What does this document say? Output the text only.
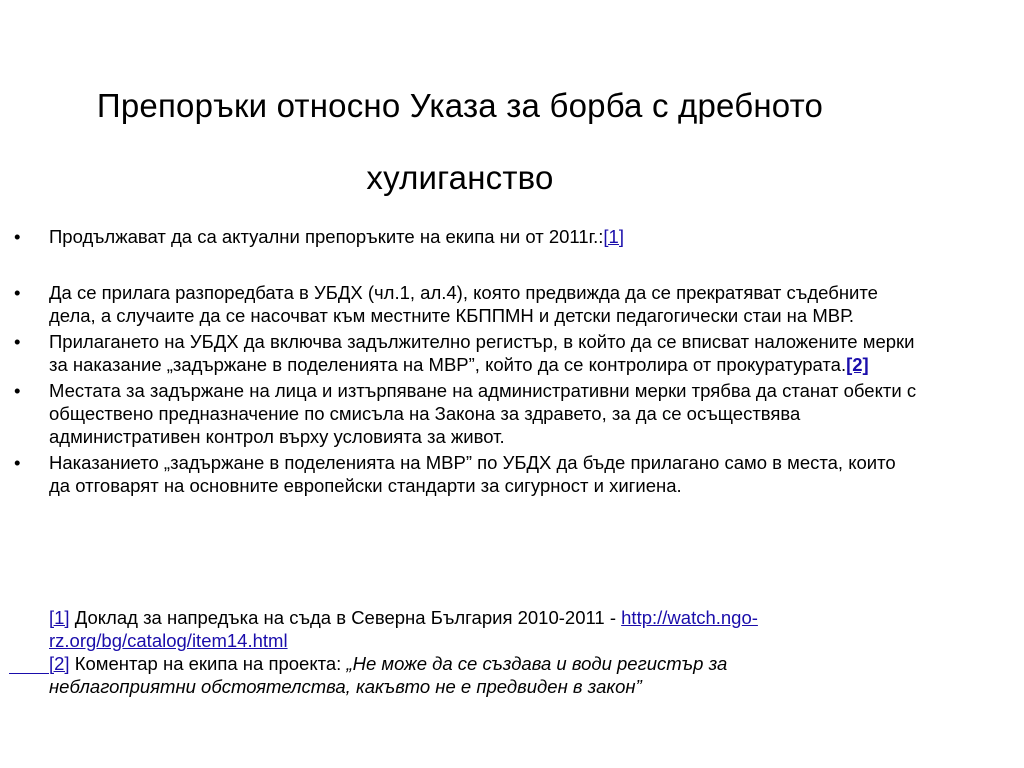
Препоръки относно Указа за борба с дребното
хулиганство
• Продължават да са актуални препоръките на екипа ни от 2011г.:[1]
• Да се прилага разпоредбата в УБДХ (чл.1, ал.4), която предвижда да се прекратяват съдебните дела, а случаите да се насочват към местните КБППМН и детски педагогически стаи на МВР.
• Прилагането на УБДХ да включва задължително регистър, в който да се вписват наложените мерки за наказание „задържане в поделенията на МВР”, който да се контролира от прокуратурата.[2]
• Местата за задържане на лица и изтърпяване на административни мерки трябва да станат обекти с обществено предназначение по смисъла на Закона за здравето, за да се осъществява административен контрол върху условията за живот.
• Наказанието „задържане в поделенията на МВР” по УБДХ да бъде прилагано само в места, които да отговарят на основните европейски стандарти за сигурност и хигиена.

[1] Доклад за напредъка на съда в Северна България 2010-2011 - http://watch.ngo-rz.org/bg/catalog/item14.html

[2] Коментар на екипа на проекта: „Не може да се създава и води регистър за неблагоприятни обстоятелства, какъвто не е предвиден в закон”
